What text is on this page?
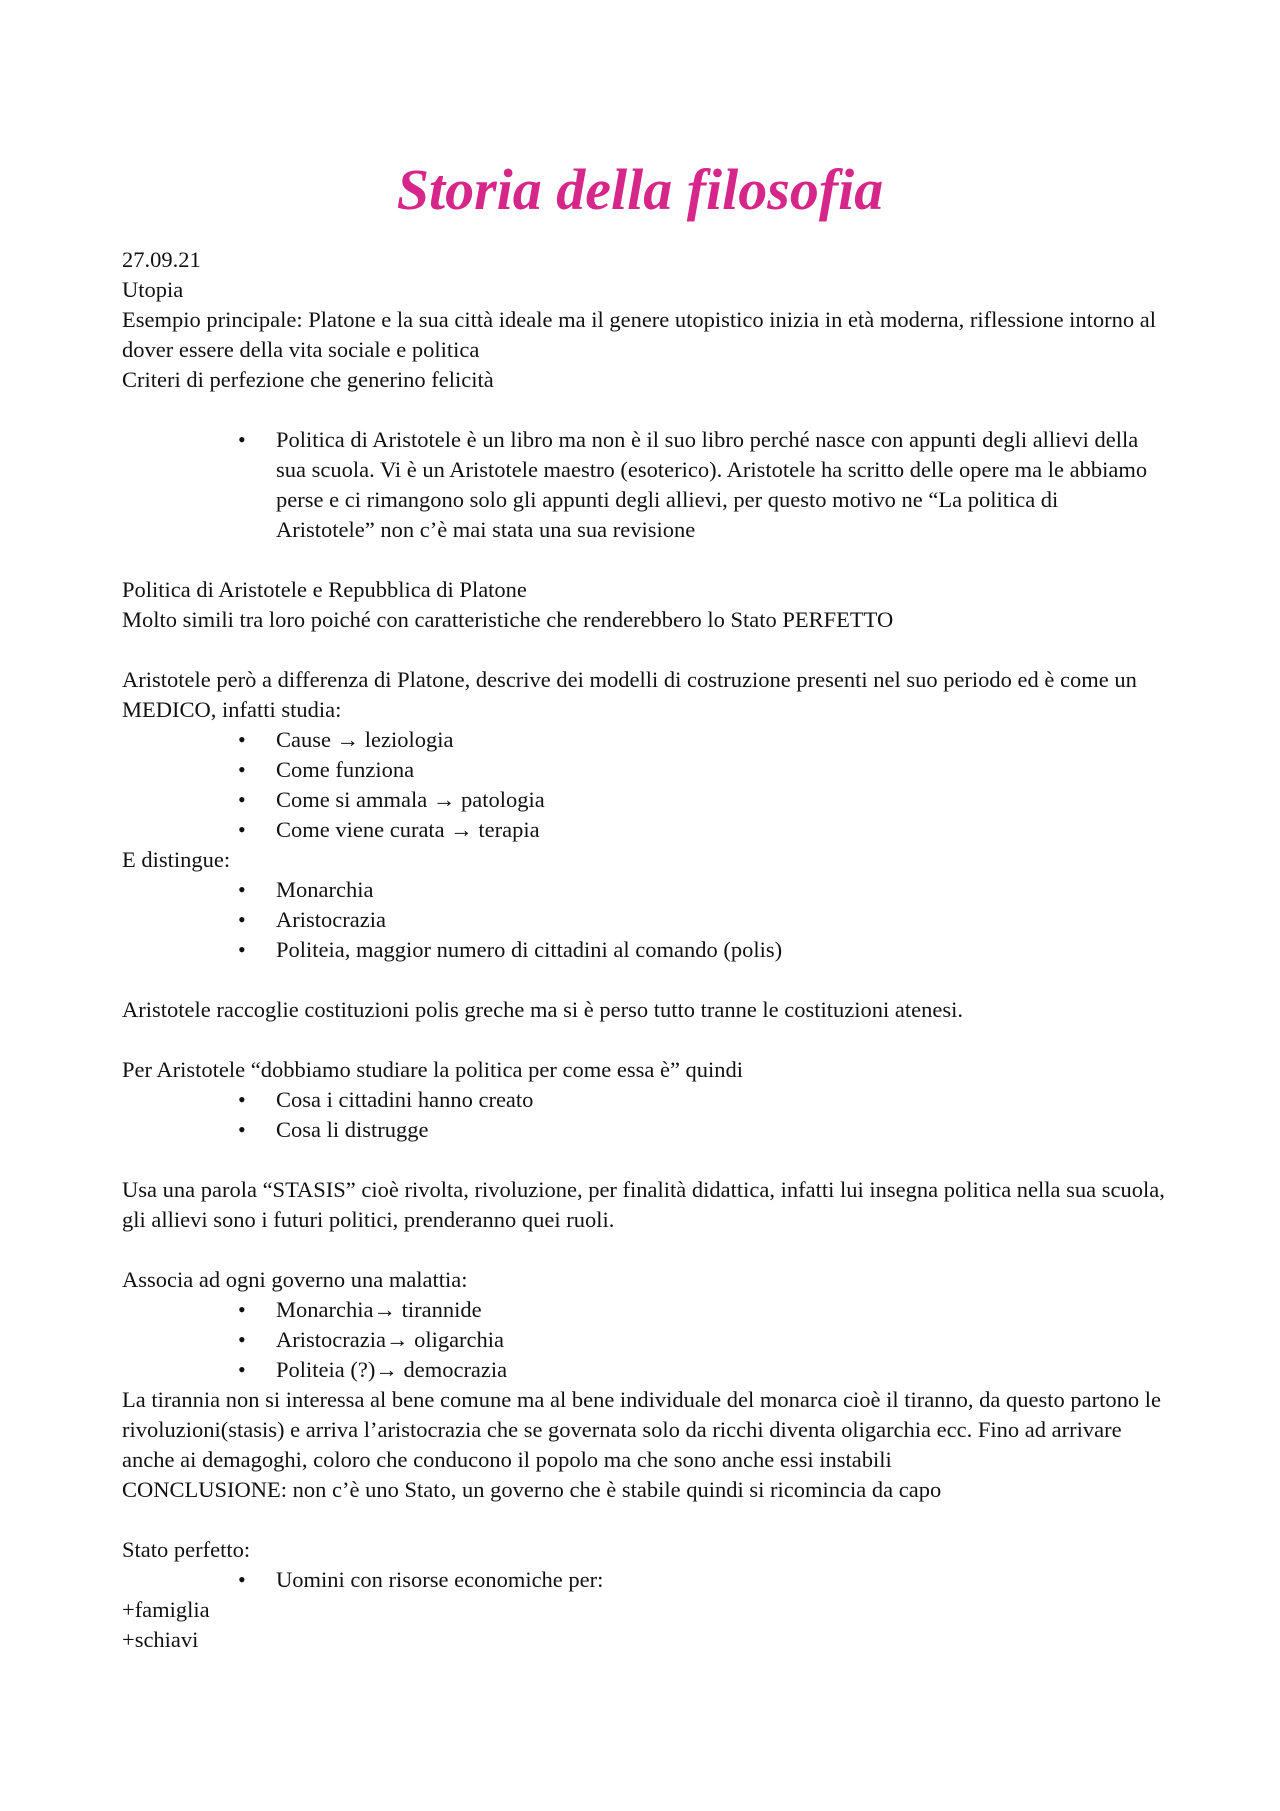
Storia della filosofia

27.09.21

Utopia

Esempio principale: Platone e la sua città ideale ma il genere utopistico inizia in età moderna, riflessione intorno al dover essere della vita sociale e politica

Criteri di perfezione che generino felicità

• Politica di Aristotele è un libro ma non è il suo libro perché nasce con appunti degli allievi della sua scuola. Vi è un Aristotele maestro (esoterico). Aristotele ha scritto delle opere ma le abbiamo perse e ci rimangono solo gli appunti degli allievi, per questo motivo ne “La politica di Aristotele” non c’è mai stata una sua revisione

Politica di Aristotele e Repubblica di Platone

Molto simili tra loro poiché con caratteristiche che renderebbero lo Stato PERFETTO

Aristotele però a differenza di Platone, descrive dei modelli di costruzione presenti nel suo periodo ed è come un MEDICO, infatti studia:

• Cause → leziologia
• Come funziona
• Come si ammala → patologia
• Come viene curata → terapia

E distingue:

• Monarchia
• Aristocrazia
• Politeia, maggior numero di cittadini al comando (polis)

Aristotele raccoglie costituzioni polis greche ma si è perso tutto tranne le costituzioni atenesi.

Per Aristotele “dobbiamo studiare la politica per come essa è” quindi

• Cosa i cittadini hanno creato
• Cosa li distrugge

Usa una parola “STASIS” cioè rivolta, rivoluzione, per finalità didattica, infatti lui insegna politica nella sua scuola, gli allievi sono i futuri politici, prenderanno quei ruoli.

Associa ad ogni governo una malattia:

• Monarchia→ tirannide
• Aristocrazia→ oligarchia
• Politeia (?)→ democrazia

La tirannia non si interessa al bene comune ma al bene individuale del monarca cioè il tiranno, da questo partono le rivoluzioni(stasis) e arriva l’aristocrazia che se governata solo da ricchi diventa oligarchia ecc. Fino ad arrivare anche ai demagoghi, coloro che conducono il popolo ma che sono anche essi instabili

CONCLUSIONE: non c’è uno Stato, un governo che è stabile quindi si ricomincia da capo

Stato perfetto:

• Uomini con risorse economiche per:

+famiglia

+schiavi
